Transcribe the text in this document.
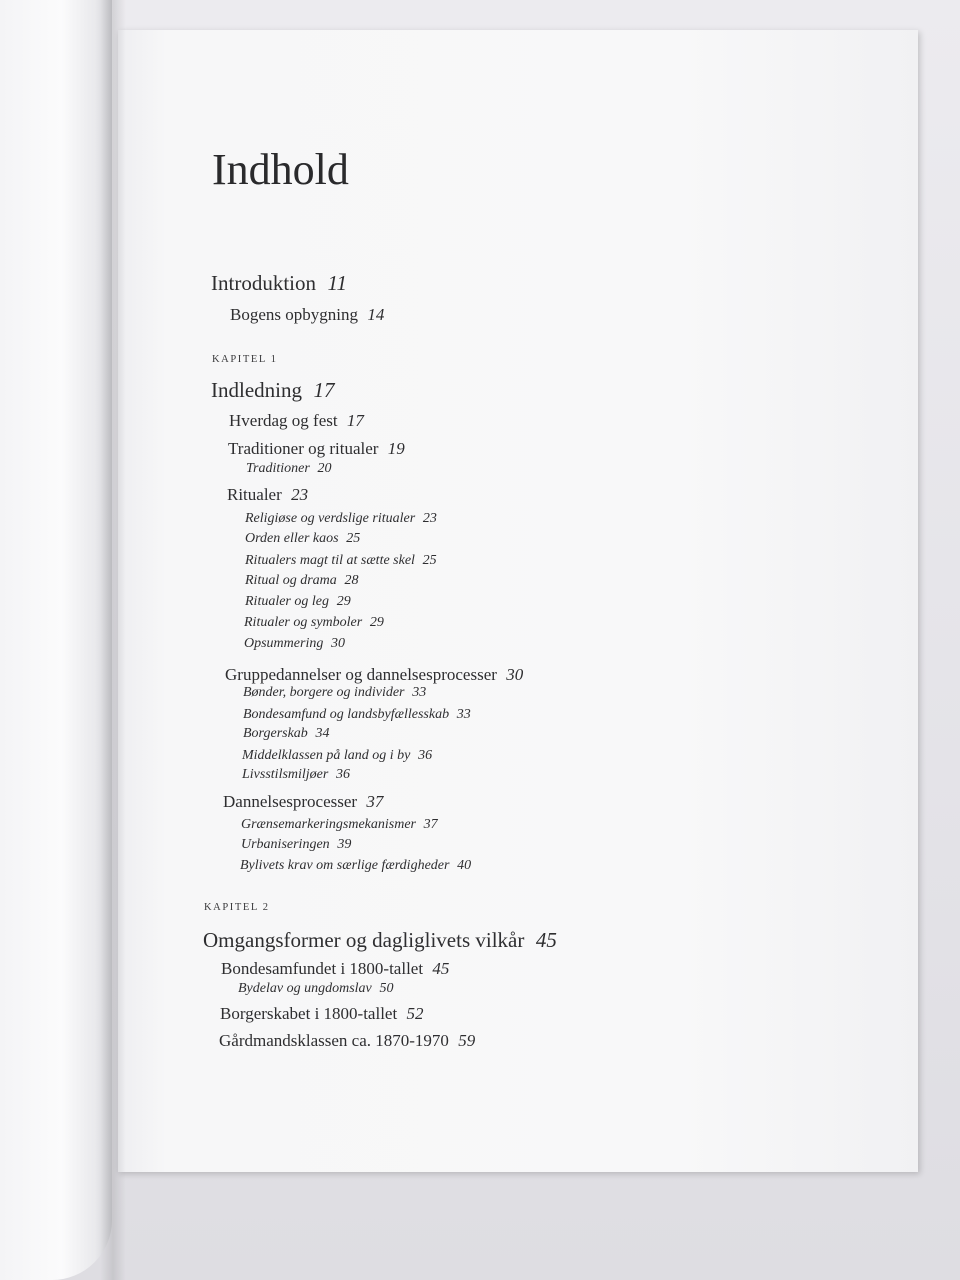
Indhold
Introduktion 11
Bogens opbygning 14
KAPITEL 1
Indledning 17
Hverdag og fest 17
Traditioner og ritualer 19
Traditioner 20
Ritualer 23
Religiøse og verdslige ritualer 23
Orden eller kaos 25
Ritualers magt til at sætte skel 25
Ritual og drama 28
Ritualer og leg 29
Ritualer og symboler 29
Opsummering 30
Gruppedannelser og dannelsesprocesser 30
Bønder, borgere og individer 33
Bondesamfund og landsbyfællesskab 33
Borgerskab 34
Middelklassen på land og i by 36
Livsstilsmiljøer 36
Dannelsesprocesser 37
Grænsemarkeringsmekanismer 37
Urbaniseringen 39
Bylivets krav om særlige færdigheder 40
KAPITEL 2
Omgangsformer og dagliglivets vilkår 45
Bondesamfundet i 1800-tallet 45
Bydelav og ungdomslav 50
Borgerskabet i 1800-tallet 52
Gårdmandsklassen ca. 1870-1970 59
